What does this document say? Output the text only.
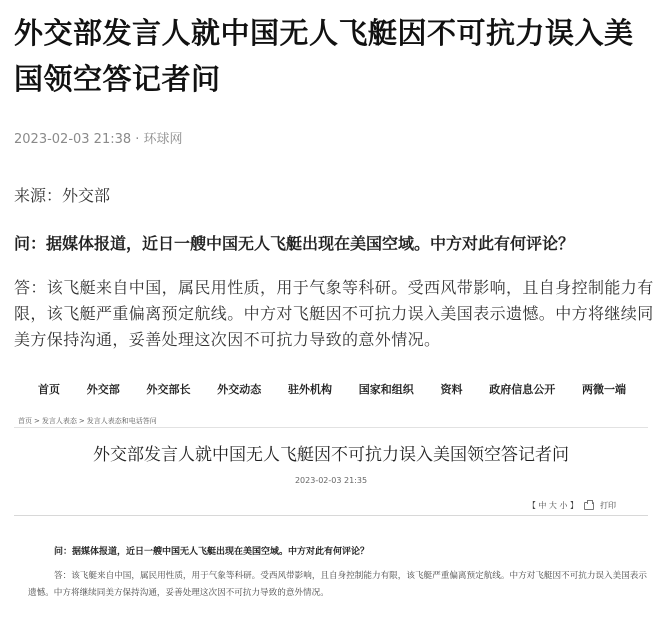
外交部发言人就中国无人飞艇因不可抗力误入美国领空答记者问
2023-02-03 21:38 · 环球网
来源：外交部

问：据媒体报道，近日一艘中国无人飞艇出现在美国空域。中方对此有何评论？

答：该飞艇来自中国，属民用性质，用于气象等科研。受西风带影响，且自身控制能力有限，该飞艇严重偏离预定航线。中方对飞艇因不可抗力误入美国表示遗憾。中方将继续同美方保持沟通，妥善处理这次因不可抗力导致的意外情况。

首页 外交部 外交部长 外交动态 驻外机构 国家和组织 资料 政府信息公开 两微一端
首页 > 发言人表态 > 发言人表态和电话答问
外交部发言人就中国无人飞艇因不可抗力误入美国领空答记者问
2023-02-03 21:35
【 中 大 小 】	打印
问：据媒体报道，近日一艘中国无人飞艇出现在美国空域。中方对此有何评论？

答：该飞艇来自中国，属民用性质，用于气象等科研。受西风带影响，且自身控制能力有限，该飞艇严重偏离预定航线。中方对飞艇因不可抗力误入美国表示遗憾。中方将继续同美方保持沟通，妥善处理这次因不可抗力导致的意外情况。
